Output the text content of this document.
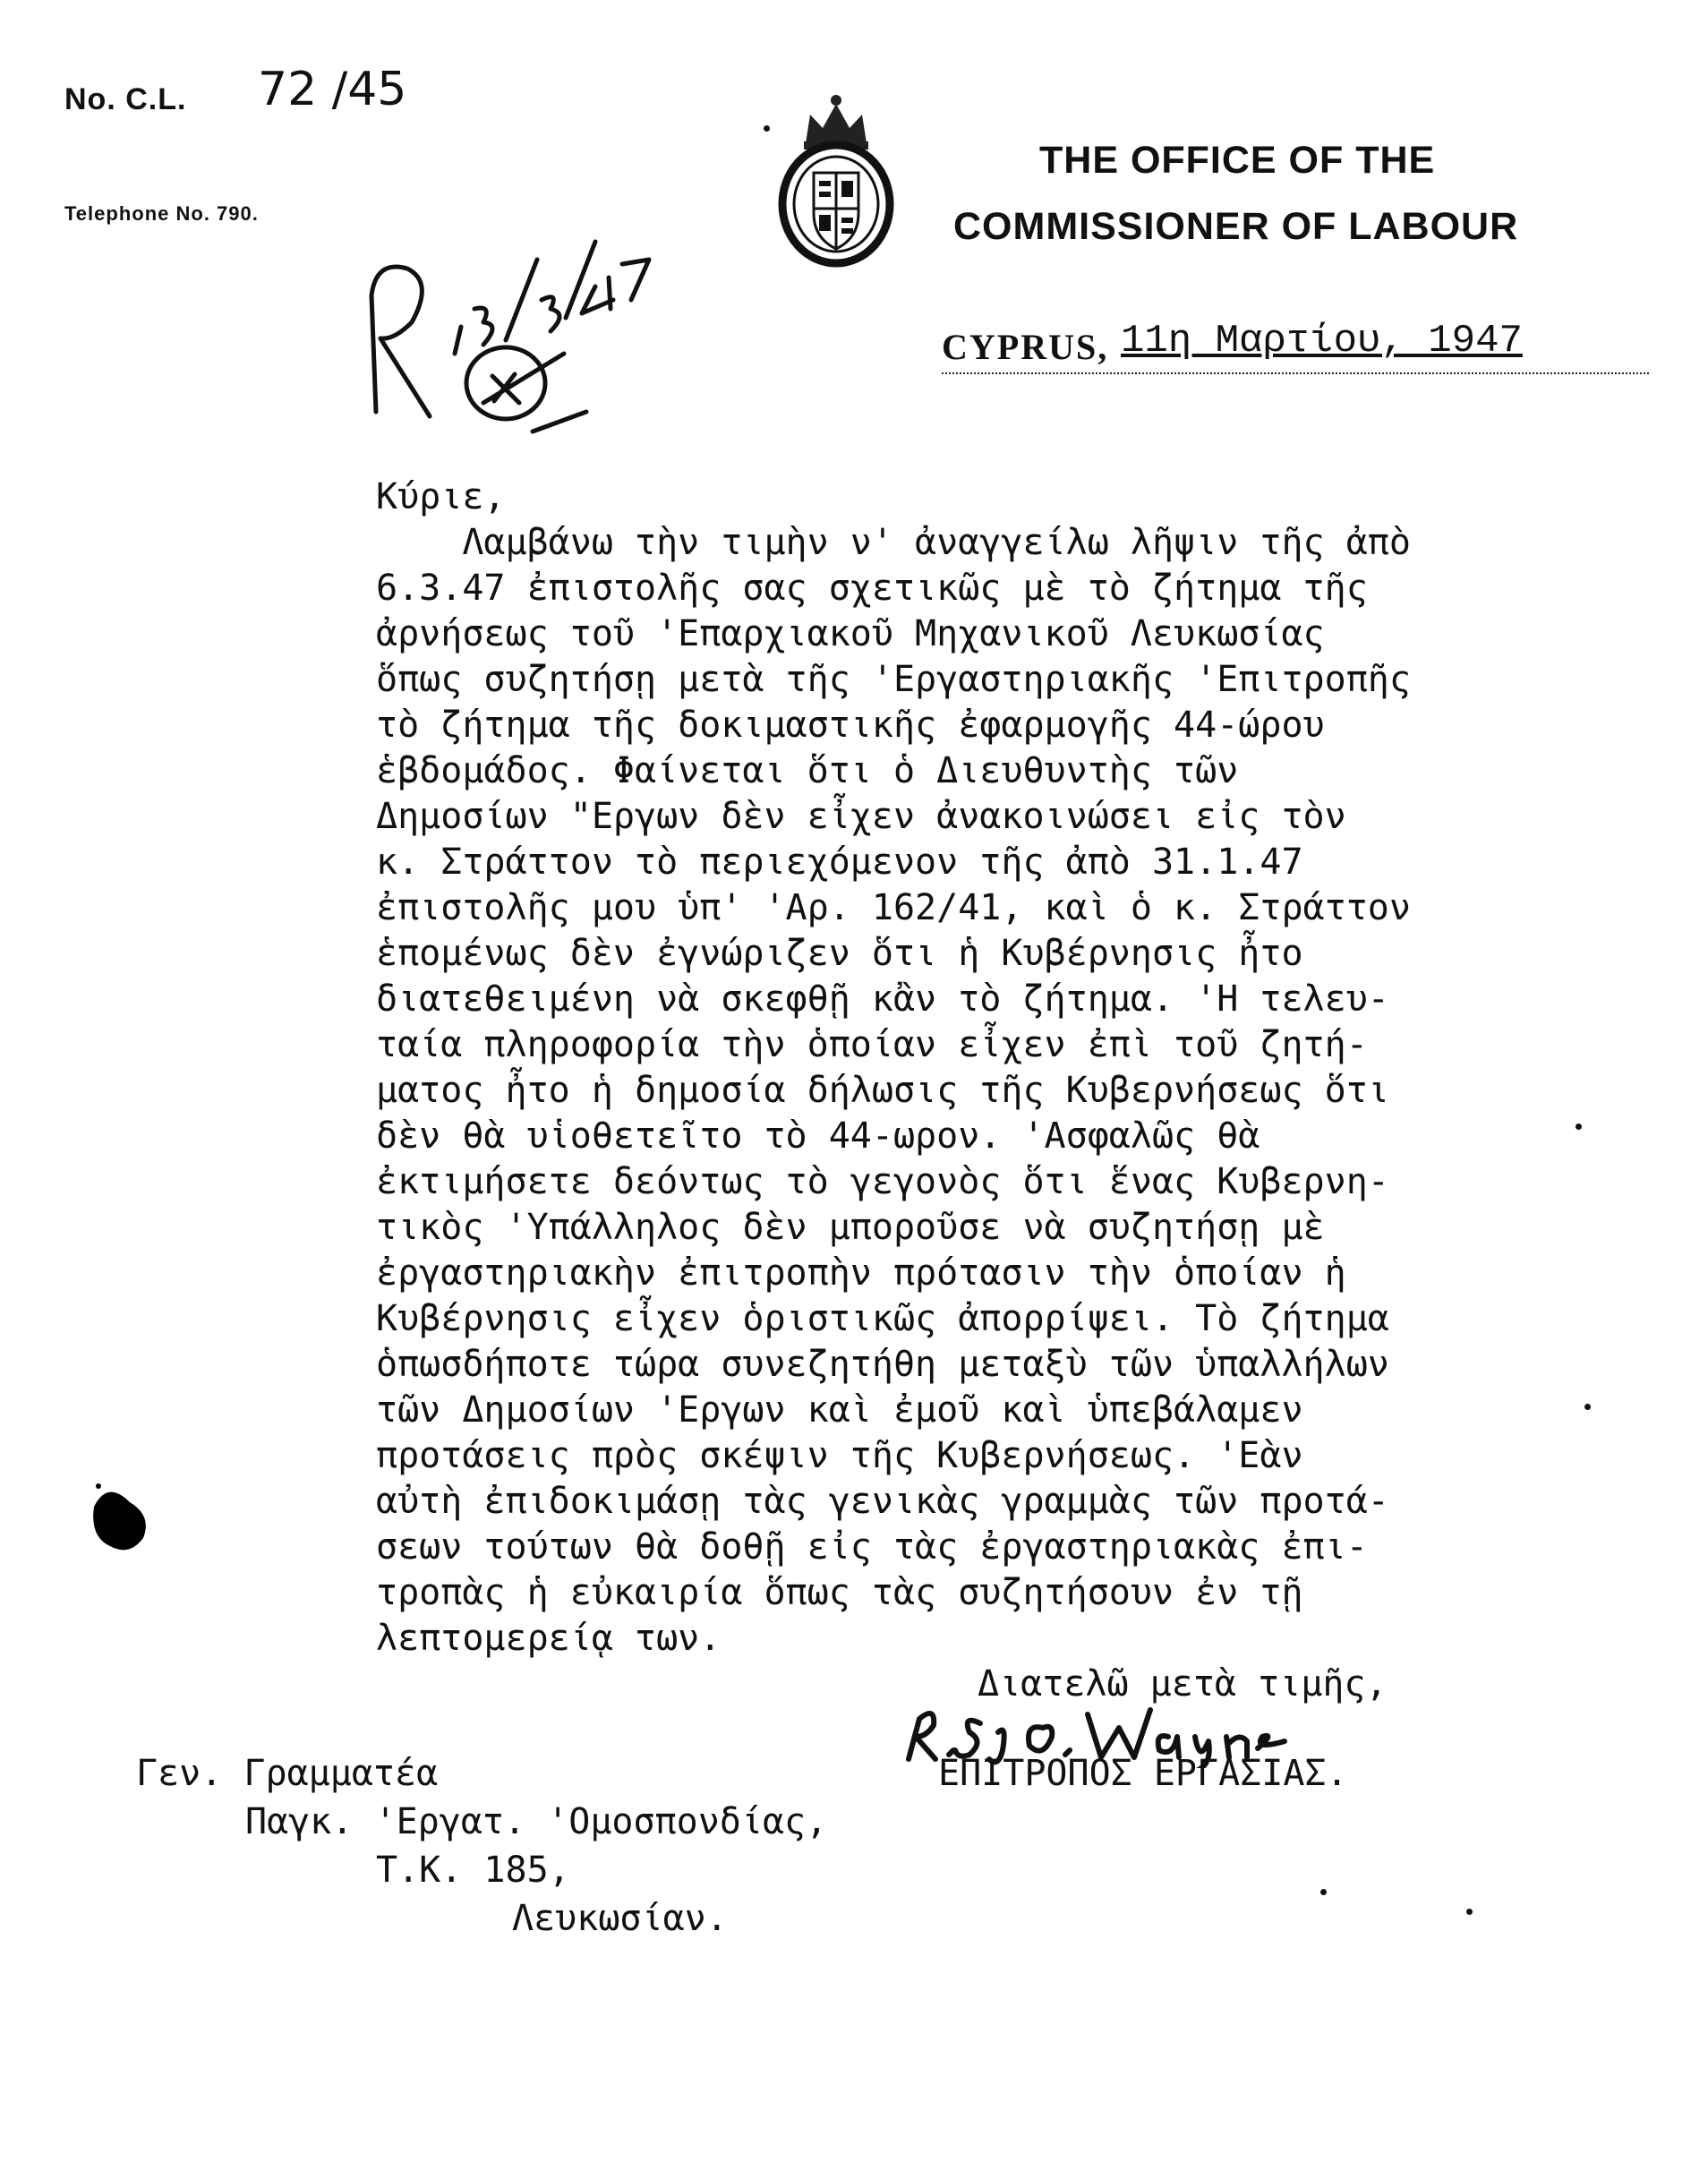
No. C.L. 72 /45
Telephone No. 790.
THE OFFICE OF THE
COMMISSIONER OF LABOUR
CYPRUS, 11η Μαρτίου, 1947
Κύριε,
Λαμβάνω τὴν τιμὴν ν' ἀναγγείλω λῆψιν τῆς ἀπὸ
6.3.47 ἐπιστολῆς σας σχετικῶς μὲ τὸ ζήτημα τῆς
ἀρνήσεως τοῦ 'Επαρχιακοῦ Μηχανικοῦ Λευκωσίας
ὅπως συζητήσῃ μετὰ τῆς 'Εργαστηριακῆς 'Επιτροπῆς
τὸ ζήτημα τῆς δοκιμαστικῆς ἐφαρμογῆς 44-ώρου
ἑβδομάδος. Φαίνεται ὅτι ὁ Διευθυντὴς τῶν
Δημοσίων "Εργων δὲν εἶχεν ἀνακοινώσει εἰς τὸν
κ. Στράττον τὸ περιεχόμενον τῆς ἀπὸ 31.1.47
ἐπιστολῆς μου ὑπ' 'Αρ. 162/41, καὶ ὁ κ. Στράττον
ἑπομένως δὲν ἐγνώριζεν ὅτι ἡ Κυβέρνησις ἦτο
διατεθειμένη νὰ σκεφθῇ κἂν τὸ ζήτημα. 'Η τελευ-
ταία πληροφορία τὴν ὁποίαν εἶχεν ἐπὶ τοῦ ζητή-
ματος ἦτο ἡ δημοσία δήλωσις τῆς Κυβερνήσεως ὅτι
δὲν θὰ υἱοθετεῖτο τὸ 44-ωρον. 'Ασφαλῶς θὰ
ἐκτιμήσετε δεόντως τὸ γεγονὸς ὅτι ἕνας Κυβερνη-
τικὸς 'Υπάλληλος δὲν μποροῦσε νὰ συζητήσῃ μὲ
ἐργαστηριακὴν ἐπιτροπὴν πρότασιν τὴν ὁποίαν ἡ
Κυβέρνησις εἶχεν ὁριστικῶς ἀπορρίψει. Τὸ ζήτημα
ὁπωσδήποτε τώρα συνεζητήθη μεταξὺ τῶν ὑπαλλήλων
τῶν Δημοσίων 'Εργων καὶ ἐμοῦ καὶ ὑπεβάλαμεν
προτάσεις πρὸς σκέψιν τῆς Κυβερνήσεως. 'Εὰν
αὐτὴ ἐπιδοκιμάσῃ τὰς γενικὰς γραμμὰς τῶν προτά-
σεων τούτων θὰ δοθῇ εἰς τὰς ἐργαστηριακὰς ἐπι-
τροπὰς ἡ εὐκαιρία ὅπως τὰς συζητήσουν ἐν τῇ
λεπτομερείᾳ των.
Διατελῶ μετὰ τιμῆς,
ΕΠΙΤΡΟΠΟΣ ΕΡΓΑΣΙΑΣ.
Γεν. Γραμματέα
Παγκ. 'Εργατ. 'Ομοσπονδίας,
Τ.Κ. 185,
Λευκωσίαν.
